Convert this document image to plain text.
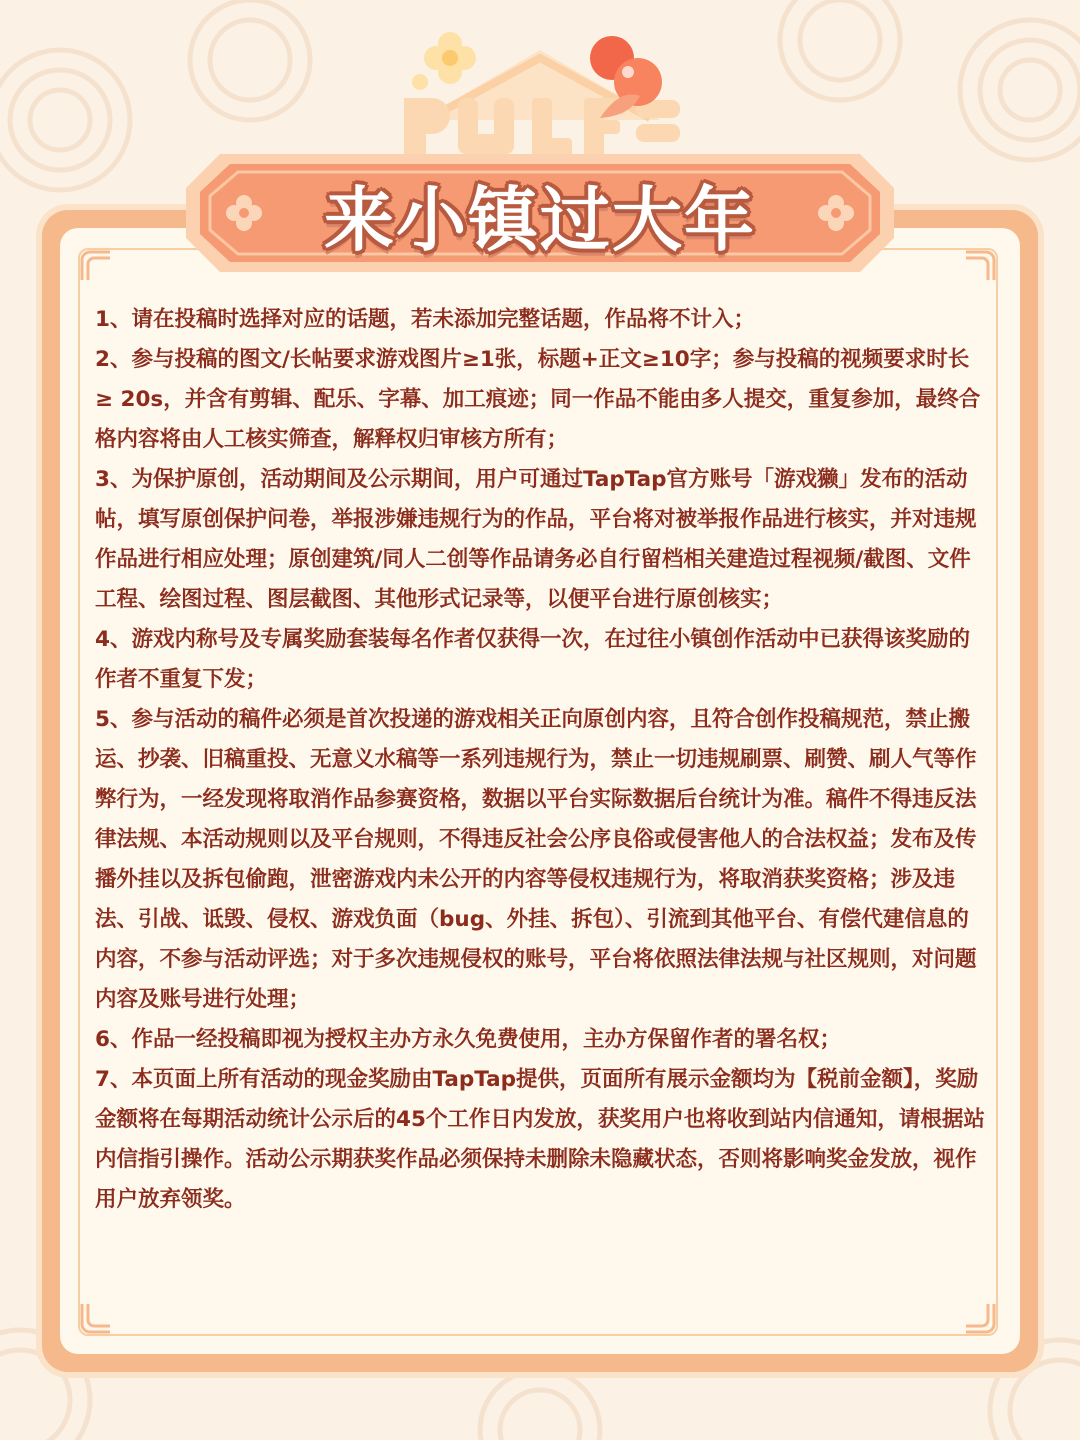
来小镇过大年

1、请在投稿时选择对应的话题，若未添加完整话题，作品将不计入；

2、参与投稿的图文/长帖要求游戏图片≥1张，标题+正文≥10字；参与投稿的视频要求时长 ≥ 20s，并含有剪辑、配乐、字幕、加工痕迹；同一作品不能由多人提交，重复参加，最终合格内容将由人工核实筛查，解释权归审核方所有；

3、为保护原创，活动期间及公示期间，用户可通过TapTap官方账号「游戏獭」发布的活动帖，填写原创保护问卷，举报涉嫌违规行为的作品，平台将对被举报作品进行核实，并对违规作品进行相应处理；原创建筑/同人二创等作品请务必自行留档相关建造过程视频/截图、文件工程、绘图过程、图层截图、其他形式记录等，以便平台进行原创核实；

4、游戏内称号及专属奖励套装每名作者仅获得一次，在过往小镇创作活动中已获得该奖励的作者不重复下发；

5、参与活动的稿件必须是首次投递的游戏相关正向原创内容，且符合创作投稿规范，禁止搬运、抄袭、旧稿重投、无意义水稿等一系列违规行为，禁止一切违规刷票、刷赞、刷人气等作弊行为，一经发现将取消作品参赛资格，数据以平台实际数据后台统计为准。稿件不得违反法律法规、本活动规则以及平台规则，不得违反社会公序良俗或侵害他人的合法权益；发布及传播外挂以及拆包偷跑，泄密游戏内未公开的内容等侵权违规行为，将取消获奖资格；涉及违法、引战、诋毁、侵权、游戏负面（bug、外挂、拆包）、引流到其他平台、有偿代建信息的内容，不参与活动评选；对于多次违规侵权的账号，平台将依照法律法规与社区规则，对问题内容及账号进行处理；

6、作品一经投稿即视为授权主办方永久免费使用，主办方保留作者的署名权；

7、本页面上所有活动的现金奖励由TapTap提供，页面所有展示金额均为【税前金额】，奖励金额将在每期活动统计公示后的45个工作日内发放，获奖用户也将收到站内信通知，请根据站内信指引操作。活动公示期获奖作品必须保持未删除未隐藏状态，否则将影响奖金发放，视作用户放弃领奖。
